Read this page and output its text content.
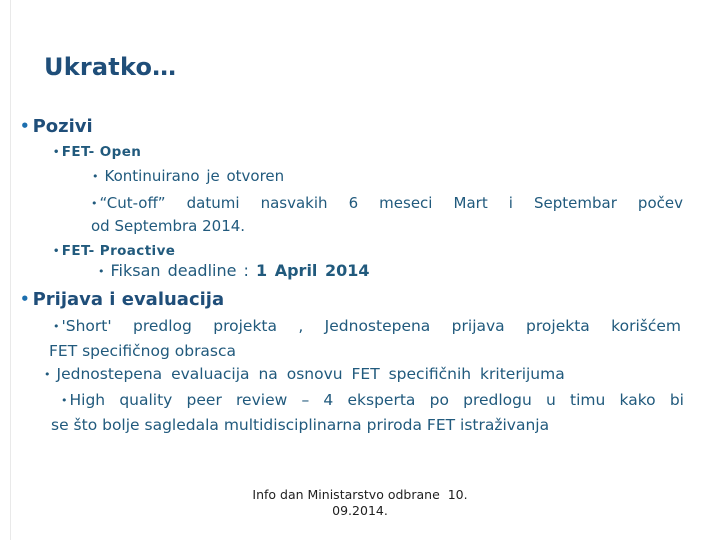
Ukratko…
• Pozivi
• FET- Open
• Kontinuirano je otvoren
• “Cut-off” datumi nasvakih 6 meseci Mart i Septembar počev
od Septembra 2014.
• FET- Proactive
• Fiksan deadline : 1 April 2014
• Prijava i evaluacija
• 'Short' predlog projekta , Jednostepena prijava projekta korišćem
FET specifičnog obrasca
• Jednostepena evaluacija na osnovu FET specifičnih kriterijuma
• High quality peer review – 4 eksperta po predlogu u timu kako bi
se što bolje sagledala multidisciplinarna priroda FET istraživanja
Info dan Ministarstvo odbrane  10.
09.2014.
